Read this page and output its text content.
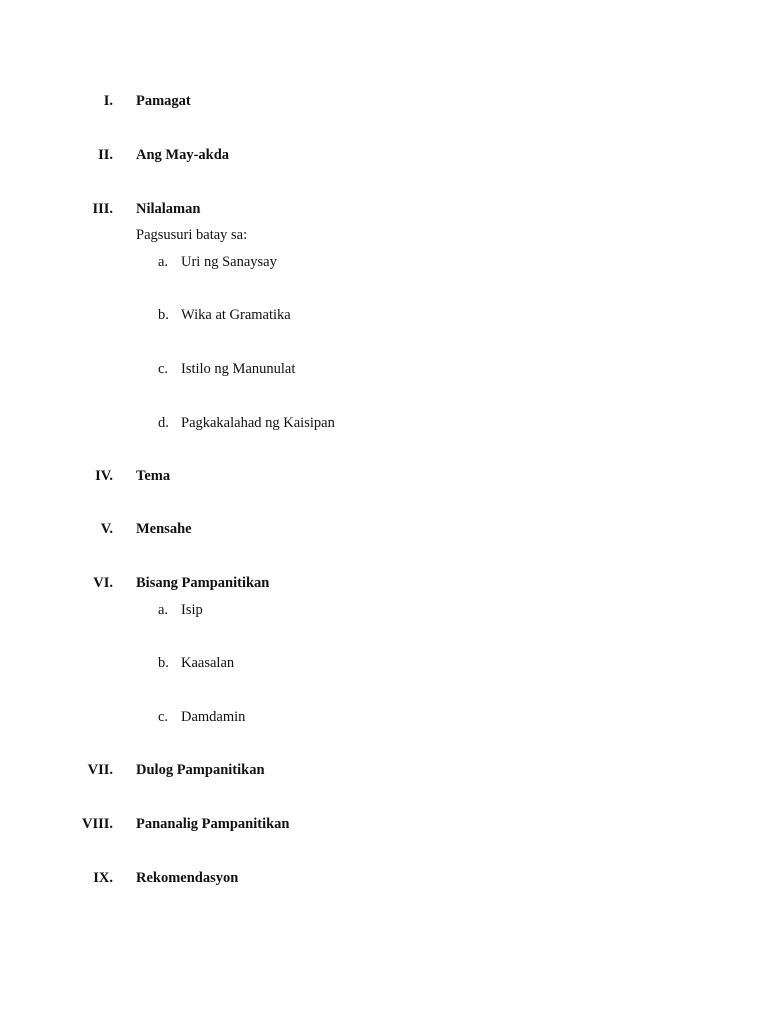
I. Pamagat
II. Ang May-akda
III. Nilalaman
Pagsusuri batay sa:
a. Uri ng Sanaysay
b. Wika at Gramatika
c. Istilo ng Manunulat
d. Pagkakalahad ng Kaisipan
IV. Tema
V. Mensahe
VI. Bisang Pampanitikan
a. Isip
b. Kaasalan
c. Damdamin
VII. Dulog Pampanitikan
VIII. Pananalig Pampanitikan
IX. Rekomendasyon
